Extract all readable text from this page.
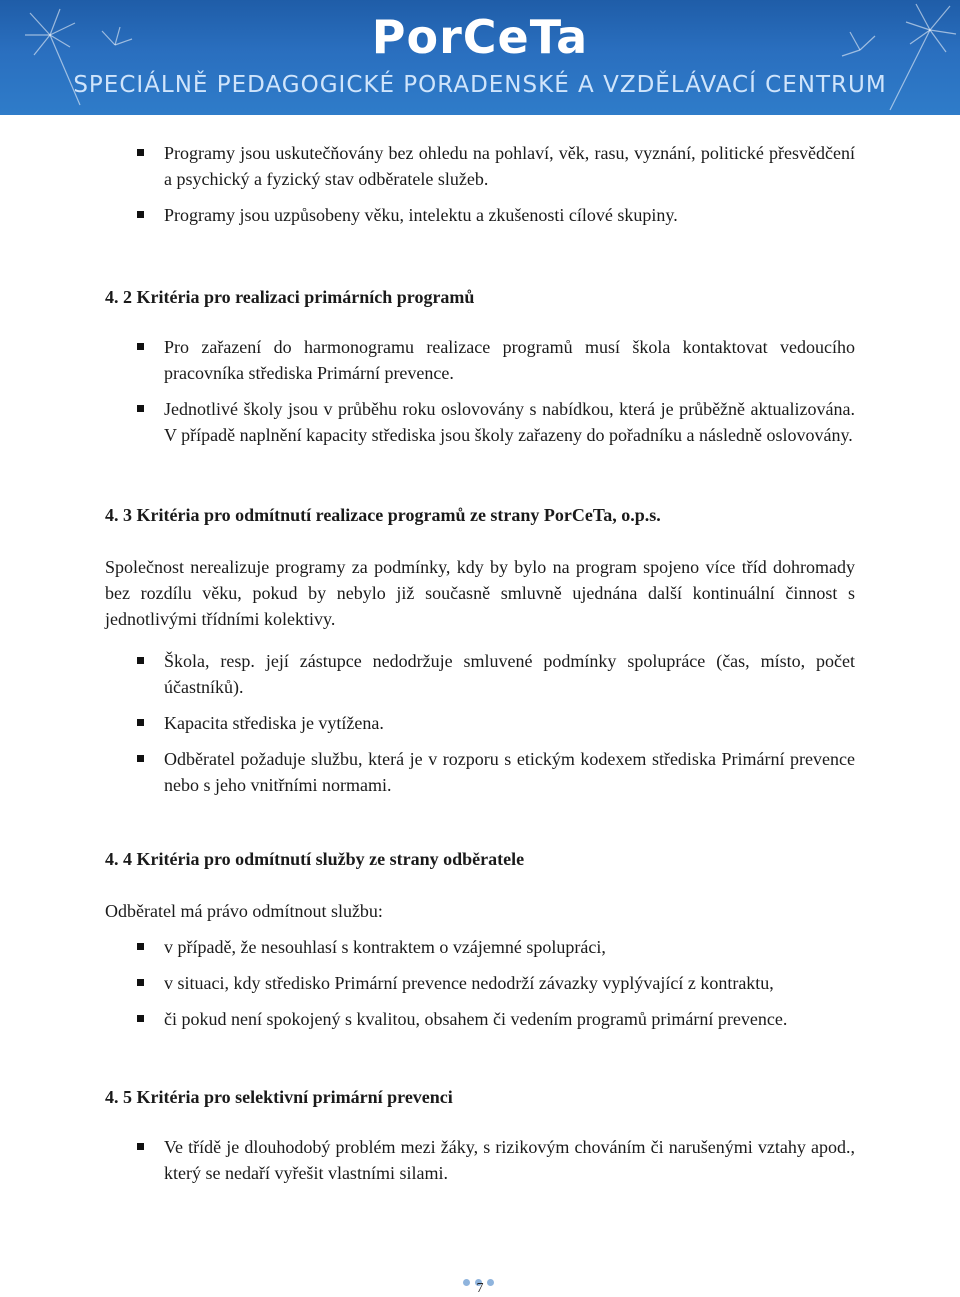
PorCeTa
SPECIÁLNĚ PEDAGOGICKÉ PORADENSKÉ A VZDĚLÁVACÍ CENTRUM
Programy jsou uskutečňovány bez ohledu na pohlaví, věk, rasu, vyznání, politické přesvědčení a psychický a fyzický stav odběratele služeb.
Programy jsou uzpůsobeny věku, intelektu a zkušenosti cílové skupiny.
4. 2 Kritéria pro realizaci primárních programů
Pro zařazení do harmonogramu realizace programů musí škola kontaktovat vedoucího pracovníka střediska Primární prevence.
Jednotlivé školy jsou v průběhu roku oslovovány s nabídkou, která je průběžně aktualizována. V případě naplnění kapacity střediska jsou školy zařazeny do pořadníku a následně oslovovány.
4. 3 Kritéria pro odmítnutí realizace programů ze strany PorCeTa, o.p.s.

Společnost nerealizuje programy za podmínky, kdy by bylo na program spojeno více tříd dohromady bez rozdílu věku, pokud by nebylo již současně smluvně ujednána další kontinuální činnost s jednotlivými třídními kolektivy.

Škola, resp. její zástupce nedodržuje smluvené podmínky spolupráce (čas, místo, počet účastníků).
Kapacita střediska je vytížena.
Odběratel požaduje službu, která je v rozporu s etickým kodexem střediska Primární prevence nebo s jeho vnitřními normami.
4. 4 Kritéria pro odmítnutí služby ze strany odběratele

Odběratel má právo odmítnout službu:

v případě, že nesouhlasí s kontraktem o vzájemné spolupráci,
v situaci, kdy středisko Primární prevence nedodrží závazky vyplývající z kontraktu,
či pokud není spokojený s kvalitou, obsahem či vedením programů primární prevence.
4. 5 Kritéria pro selektivní primární prevenci
Ve třídě je dlouhodobý problém mezi žáky, s rizikovým chováním či narušenými vztahy apod., který se nedaří vyřešit vlastními silami.
7
